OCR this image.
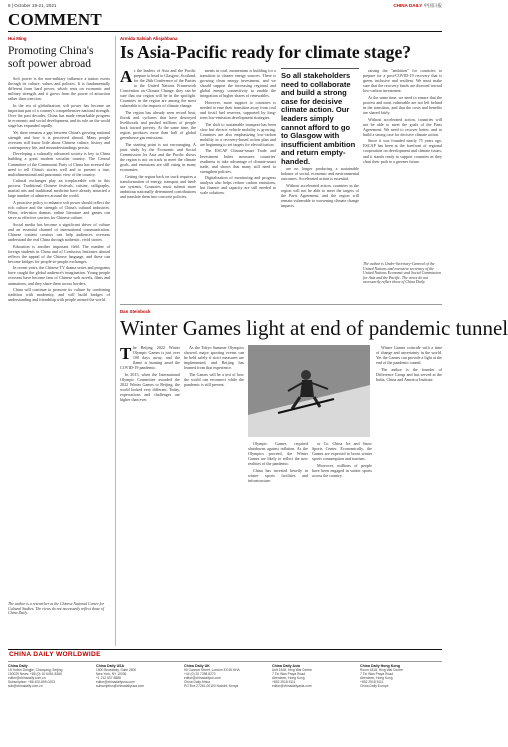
8 | October 19-21, 2021	CHINA DAILY 中国日报
COMMENT
Hui Ming
Promoting China's soft power abroad

Soft power is the non-military influence a nation exerts through its culture, values and policies. It is fundamentally different from hard power, which rests on economic and military strength, and it grows from the power of attraction rather than coercion.

In the era of globalization, soft power has become an important part of a country's comprehensive national strength. Over the past decades, China has made remarkable progress in economic and social development, and its role on the world stage has expanded rapidly.

Yet there remains a gap between China's growing national strength and how it is perceived abroad. Many people overseas still know little about Chinese culture, history and contemporary life, and misunderstandings persist.

Developing a culturally advanced society is key to China building a great modern socialist country. The Central Committee of the Communist Party of China has stressed the need to tell China's stories well and to present a true, multidimensional and panoramic view of the country.

Cultural exchanges play an irreplaceable role in this process. Traditional Chinese festivals, cuisine, calligraphy, martial arts and traditional medicine have already attracted a large number of admirers around the world.

A proactive policy to enhance soft power should reflect the rich culture and the strength of China's cultural industries. Films, television dramas, online literature and games can serve as effective carriers for Chinese culture.

Social media has become a significant driver of culture and an essential channel of international communication. Chinese content creators can help audiences overseas understand the real China through authentic, vivid stories.

Education is another important field. The number of foreign students in China and of Confucius Institutes abroad reflects the appeal of the Chinese language, and these can become bridges for people-to-people exchanges.

In recent years, the Chinese TV drama series and programs have caught the global audience's imagination. Young people overseas have become fans of Chinese web novels, films and animations, and they share them across borders.

China will continue to promote its culture by combining tradition with modernity, and will build bridges of understanding and friendship with people around the world.

The author is a researcher at the Chinese National Center for Cultural Studies. The views do not necessarily reflect those of China Daily.
Armida Salsiah Alisjahbana
Is Asia-Pacific ready for climate stage?
A s the leaders of Asia and the Pacific prepare to head to Glasgow, Scotland, for the 26th Conference of the Parties to the United Nations Framework Convention on Climate Change, they can be sure that our region will be in the spotlight. Countries in the region are among the most vulnerable to the impacts of climate change.

The region has already seen record heat, floods and cyclones that have destroyed livelihoods and pushed millions of people back toward poverty. At the same time, the region produces more than half of global greenhouse gas emissions.

The starting point is not encouraging. A joint study by the Economic and Social Commission for Asia and the Pacific shows the region is not on track to meet the climate goals, and emissions are still rising in many economies.

Getting the region back on track requires a transformation of energy, transport and land-use systems. Countries must submit more ambitious nationally determined contributions and translate them into concrete policies.

ments in coal, momentum is building for a transition to cleaner energy sources. There is growing clean energy investment, and we should support the increasing regional and global energy connectivity to enable the integration of higher shares of renewables.

However, more support to countries is needed to ease their transition away from coal and fossil fuel reserves, supported by long-term low-emission development strategies.

The shift to sustainable transport has been slow but electric vehicle mobility is growing. Countries are also emphasizing low-carbon mobility in a recovery-based action plan and are beginning to set targets for electrification.

The ESCAP Climate-smart Trade and Investment Index measures countries' readiness to take advantage of climate-smart trade, and shows that many still need to strengthen policies.

Digitalization of monitoring and progress analysis also helps reduce carbon emissions, but finance and capacity are still needed to scale solutions.

So all stakeholders need to collaborate and build a strong case for decisive climate action. Our leaders simply cannot afford to go to Glasgow with insufficient ambition and return empty-handed.

are no longer producing a sustainable balance of social, economic and environmental outcomes. Accelerated action is essential.

Without accelerated action, countries in the region will not be able to meet the targets of the Paris Agreement, and the region will remain vulnerable to worsening climate change impacts.

raising the "ambition" for countries to prepare for a post-COVID-19 recovery that is green, inclusive and resilient. We must make sure that the recovery funds are directed toward low-carbon investment.

At the same time, we need to ensure that the poorest and most vulnerable are not left behind in the transition, and that the costs and benefits are shared fairly.

Without accelerated action, countries will not be able to meet the goals of the Paris Agreement. We need to recover better, and to build a strong case for decisive climate action.

Since it was founded nearly 75 years ago, ESCAP has been at the forefront of regional cooperation on development and climate issues, and it stands ready to support countries as they chart their path to a greener future.

The author is Under-Secretary-General of the United Nations and executive secretary of the United Nations Economic and Social Commission for Asia and the Pacific. The views do not necessarily reflect those of China Daily.
Dan Steinbock
Winter Games light at end of pandemic tunnel
T he Beijing 2022 Winter Olympic Games is just over 100 days away, and the flame is burning amid the COVID-19 pandemic.

In 2015, when the International Olympic Committee awarded the 2022 Winter Games to Beijing, the world looked very different. Today, expectations and challenges are higher than ever.

As the Tokyo Summer Olympics showed, major sporting events can be held safely if strict measures are implemented, and Beijing has learned from that experience.

The Games will be a test of how the world can reconnect while the pandemic is still present.

Olympic Games required shutdowns against inflation. As the Olympics proceed, the Winter Games are likely to reflect the new realities of the pandemic.

China has invested heavily in winter sports facilities and infrastructure.

or Co. China Ice and Snow Sports Center. Economically, the Games are expected to boost winter sports consumption and tourism.

Moreover, millions of people have been engaged in winter sports across the country.

Winter Games coincide with a time of change and uncertainty in the world. Yet the Games can provide a light at the end of the pandemic tunnel.

The author is the founder of Difference Group and has served at the India, China and America Institute.

CHINA DAILY WORLDWIDE
China Daily
15 Huixin Dongjie, Chaoyang, Beijing
100029 News: +86 (0) 10 6491-8366
editor@chinadaily.com.cn
Subscription: +86 400-699-0203
sub@chinadaily.com.cn
China Daily USA
1500 Broadway, Suite 2800
New York, NY 10036
+1 212 537 8888
editor@chinadailyusa.com
subscription@chinadailyusa.com
China Daily UK
90 Cannon Street, London EC4N 6HA
+44 (0) 20 7398 8270
editor@chinadailyuk.com
China Daily Africa
PO Box 27281-00100 Nairobi, Kenya
China Daily Asia
Unit 1818, Hing Wai Centre
7 Tin Wan Praya Road
Aberdeen, Hong Kong
+852 2518 5111
editor@chinadailyasia.com
China Daily Hong Kong
Room 1818, Hing Wai Centre
7 Tin Wan Praya Road
Aberdeen, Hong Kong
+852 2518 5111
China Daily Europe
